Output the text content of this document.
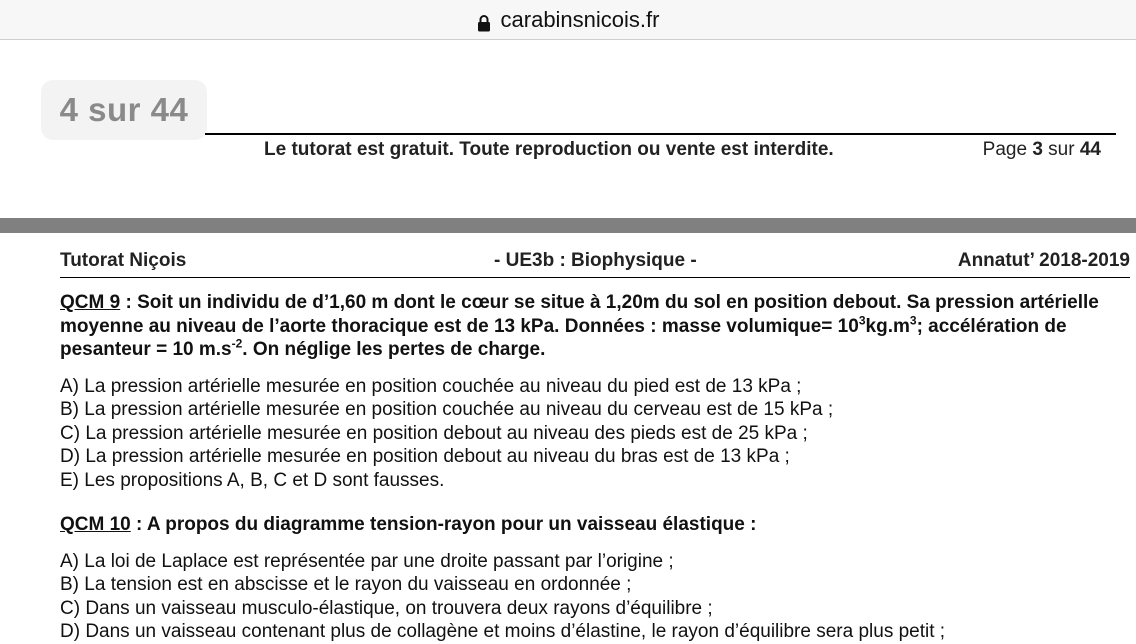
carabinsnicois.fr
4 sur 44
Le tutorat est gratuit. Toute reproduction ou vente est interdite.	Page 3 sur 44
Tutorat Niçois	- UE3b : Biophysique -	Annatut’ 2018-2019
QCM 9 : Soit un individu de d’1,60 m dont le cœur se situe à 1,20m du sol en position debout. Sa pression artérielle moyenne au niveau de l’aorte thoracique est de 13 kPa. Données : masse volumique= $10^3kg.m^3$; accélération de pesanteur = 10 $m.s^{-2}$. On néglige les pertes de charge.
A) La pression artérielle mesurée en position couchée au niveau du pied est de 13 kPa ;
B) La pression artérielle mesurée en position couchée au niveau du cerveau est de 15 kPa ;
C) La pression artérielle mesurée en position debout au niveau des pieds est de 25 kPa ;
D) La pression artérielle mesurée en position debout au niveau du bras est de 13 kPa ;
E) Les propositions A, B, C et D sont fausses.
QCM 10 : A propos du diagramme tension-rayon pour un vaisseau élastique :
A) La loi de Laplace est représentée par une droite passant par l’origine ;
B) La tension est en abscisse et le rayon du vaisseau en ordonnée ;
C) Dans un vaisseau musculo-élastique, on trouvera deux rayons d’équilibre ;
D) Dans un vaisseau contenant plus de collagène et moins d’élastine, le rayon d’équilibre sera plus petit ;
